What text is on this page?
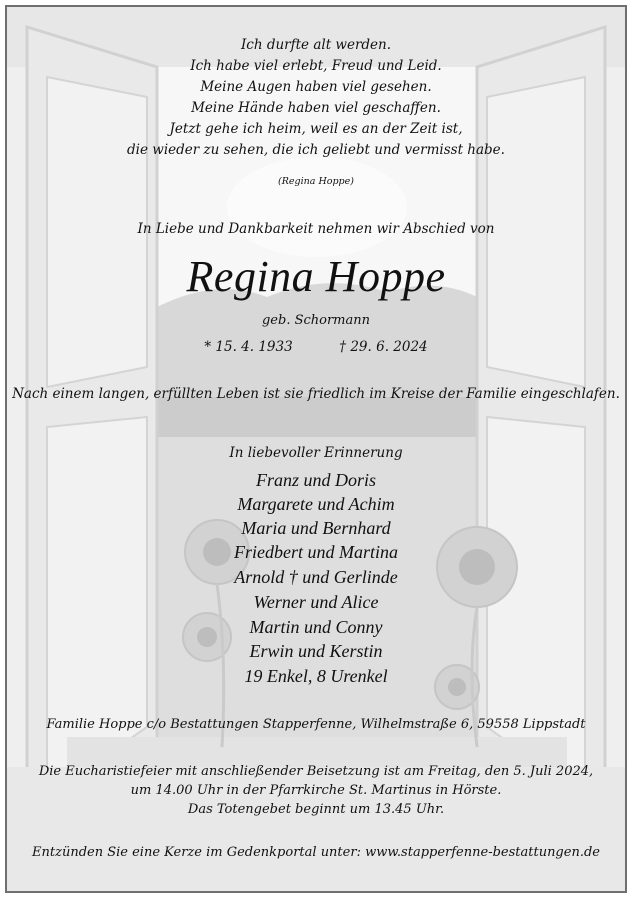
Ich durfte alt werden.
Ich habe viel erlebt, Freud und Leid.
Meine Augen haben viel gesehen.
Meine Hände haben viel geschaffen.
Jetzt gehe ich heim, weil es an der Zeit ist,
die wieder zu sehen, die ich geliebt und vermisst habe.
(Regina Hoppe)
In Liebe und Dankbarkeit nehmen wir Abschied von
Regina Hoppe
geb. Schormann
* 15. 4. 1933	† 29. 6. 2024
Nach einem langen, erfüllten Leben ist sie friedlich im Kreise der Familie eingeschlafen.
In liebevoller Erinnerung
Franz und Doris
Margarete und Achim
Maria und Bernhard
Friedbert und Martina
Arnold † und Gerlinde
Werner und Alice
Martin und Conny
Erwin und Kerstin
19 Enkel, 8 Urenkel
Familie Hoppe c/o Bestattungen Stapperfenne, Wilhelmstraße 6, 59558 Lippstadt
Die Eucharistiefeier mit anschließender Beisetzung ist am Freitag, den 5. Juli 2024,
um 14.00 Uhr in der Pfarrkirche St. Martinus in Hörste.
Das Totengebet beginnt um 13.45 Uhr.
Entzünden Sie eine Kerze im Gedenkportal unter: www.stapperfenne-bestattungen.de
